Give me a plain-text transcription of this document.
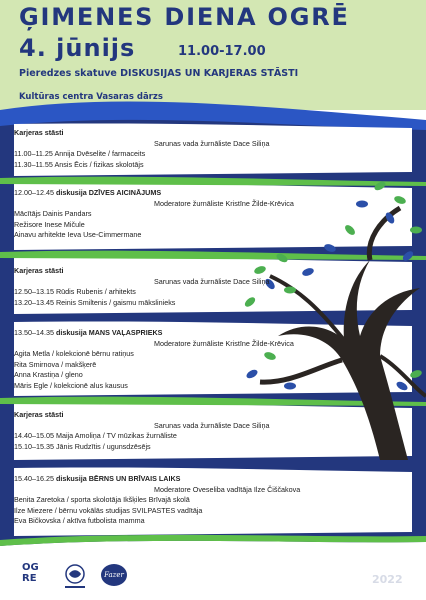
ĢIMENES DIENA OGRĒ
4. jūnijs	11.00-17.00
Pieredzes skatuve DISKUSIJAS UN KARJERAS STĀSTI
Kultūras centra Vasaras dārzs
Karjeras stāsti
Sarunas vada žurnāliste Dace Siliņa
11.00–11.25 Annija Dvēselite / farmaceits
11.30–11.55 Ansis Ēcis / fizikas skolotājs
12.00–12.45 diskusija DZĪVES AICINĀJUMS
Moderatore žurnāliste Kristīne Žilde-Krēvica
Mācītājs Dainis Pandars
Režisore Inese Mičule
Ainavu arhitekte Ieva Use-Cimmermane
Karjeras stāsti
Sarunas vada žurnāliste Dace Siliņa
12.50–13.15 Rūdis Rubenis / arhitekts
13.20–13.45 Reinis Smiltenis / gaismu mākslinieks
13.50–14.35 diskusija MANS VAĻASPRIEKS
Moderatore žurnāliste Kristīne Žilde-Krēvica
Agita Metla / kolekcionē bērnu ratiņus
Rita Smirnova / makšķerē
Anna Krastiņa / gleno
Māris Egle / kolekcionē alus kausus
Karjeras stāsti
Sarunas vada žurnāliste Dace Siliņa
14.40–15.05 Maija Amoliņa / TV mūzikas žurnāliste
15.10–15.35 Jānis Rudzītis / ugunsdzēsējs
15.40–16.25 diskusija BĒRNS UN BRĪVAIS LAIKS
Moderatore Oveseliba vadītāja Ilze Čiščakova
Benita Zaretoka / sporta skolotāja Ikšķiles Brīvajā skolā
Ilze Miezere / bērnu vokālās studijas SVILPASTES vadītāja
Eva Bičkovska / aktīva futbolista mamma
OGRE	Fazer	2022
